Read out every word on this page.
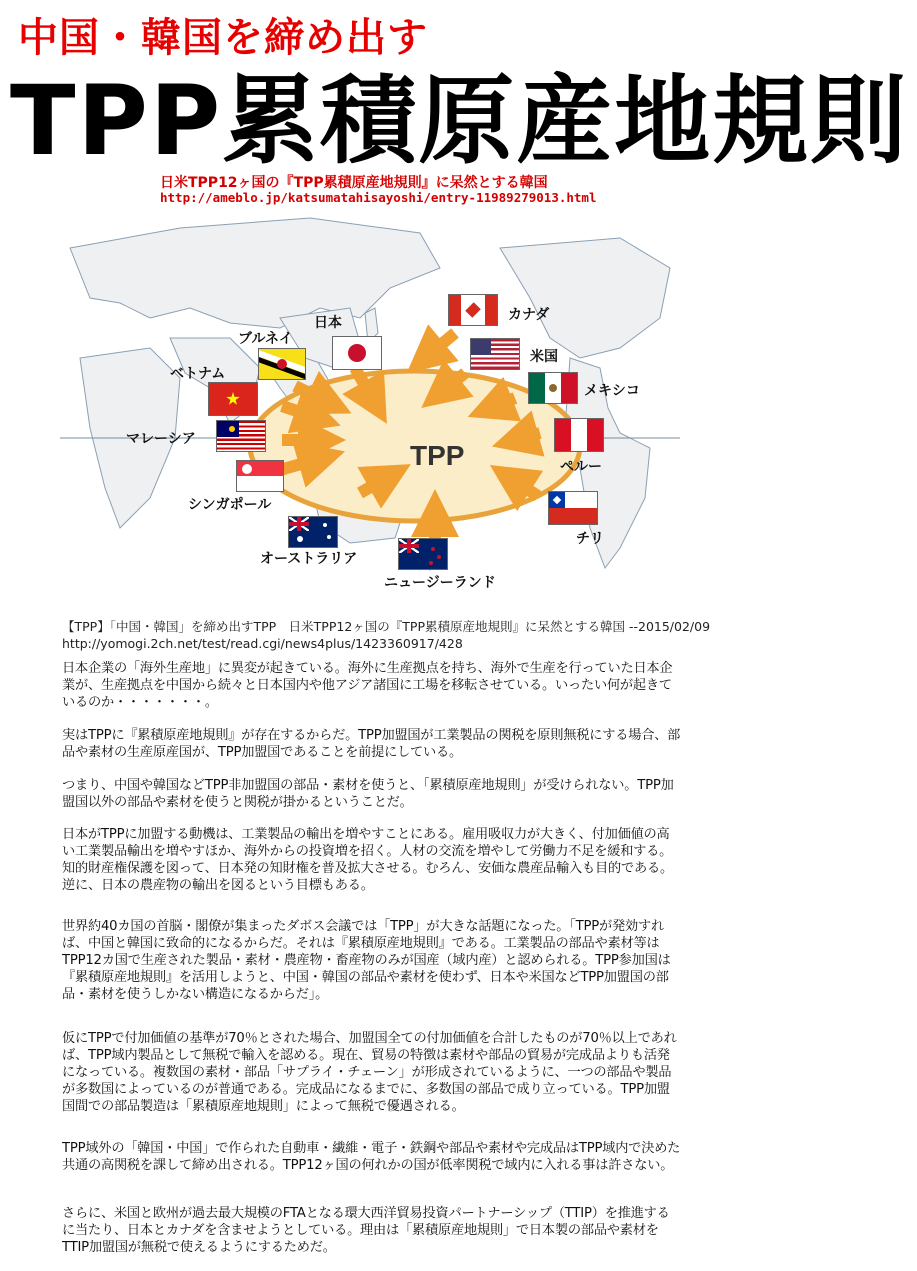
中国・韓国を締め出す
TPP累積原産地規則
日米TPP12ヶ国の『TPP累積原産地規則』に呆然とする韓国
http://ameblo.jp/katsumatahisayoshi/entry-11989279013.html
TPP
日本	カナダ
米国
メキシコ
ペルー
チリ
ニュージーランド
オーストラリア
シンガポール
マレーシア
ベトナム
ブルネイ
【TPP】「中国・韓国」を締め出すTPP　日米TPP12ヶ国の『TPP累積原産地規則』に呆然とする韓国 --2015/02/09
http://yomogi.2ch.net/test/read.cgi/news4plus/1423360917/428
日本企業の「海外生産地」に異変が起きている。海外に生産拠点を持ち、海外で生産を行っていた日本企業が、生産拠点を中国から続々と日本国内や他アジア諸国に工場を移転させている。いったい何が起きているのか・・・・・・・。
実はTPPに『累積原産地規則』が存在するからだ。TPP加盟国が工業製品の関税を原則無税にする場合、部品や素材の生産原産国が、TPP加盟国であることを前提にしている。
つまり、中国や韓国などTPP非加盟国の部品・素材を使うと、「累積原産地規則」が受けられない。TPP加盟国以外の部品や素材を使うと関税が掛かるということだ。
日本がTPPに加盟する動機は、工業製品の輸出を増やすことにある。雇用吸収力が大きく、付加価値の高い工業製品輸出を増やすほか、海外からの投資増を招く。人材の交流を増やして労働力不足を緩和する。知的財産権保護を図って、日本発の知財権を普及拡大させる。むろん、安価な農産品輸入も目的である。逆に、日本の農産物の輸出を図るという目標もある。
世界約40カ国の首脳・閣僚が集まったダボス会議では「TPP」が大きな話題になった。「TPPが発効すれば、中国と韓国に致命的になるからだ。それは『累積原産地規則』である。工業製品の部品や素材等はTPP12カ国で生産された製品・素材・農産物・畜産物のみが国産（域内産）と認められる。TPP参加国は『累積原産地規則』を活用しようと、中国・韓国の部品や素材を使わず、日本や米国などTPP加盟国の部品・素材を使うしかない構造になるからだ」。
仮にTPPで付加価値の基準が70％とされた場合、加盟国全ての付加価値を合計したものが70％以上であれば、TPP域内製品として無税で輸入を認める。現在、貿易の特徴は素材や部品の貿易が完成品よりも活発になっている。複数国の素材・部品「サプライ・チェーン」が形成されているように、一つの部品や製品が多数国によっているのが普通である。完成品になるまでに、多数国の部品で成り立っている。TPP加盟国間での部品製造は「累積原産地規則」によって無税で優遇される。
TPP域外の「韓国・中国」で作られた自動車・繊維・電子・鉄鋼や部品や素材や完成品はTPP域内で決めた共通の高関税を課して締め出される。TPP12ヶ国の何れかの国が低率関税で域内に入れる事は許さない。
さらに、米国と欧州が過去最大規模のFTAとなる環大西洋貿易投資パートナーシップ（TTIP）を推進するに当たり、日本とカナダを含ませようとしている。理由は「累積原産地規則」で日本製の部品や素材をTTIP加盟国が無税で使えるようにするためだ。
